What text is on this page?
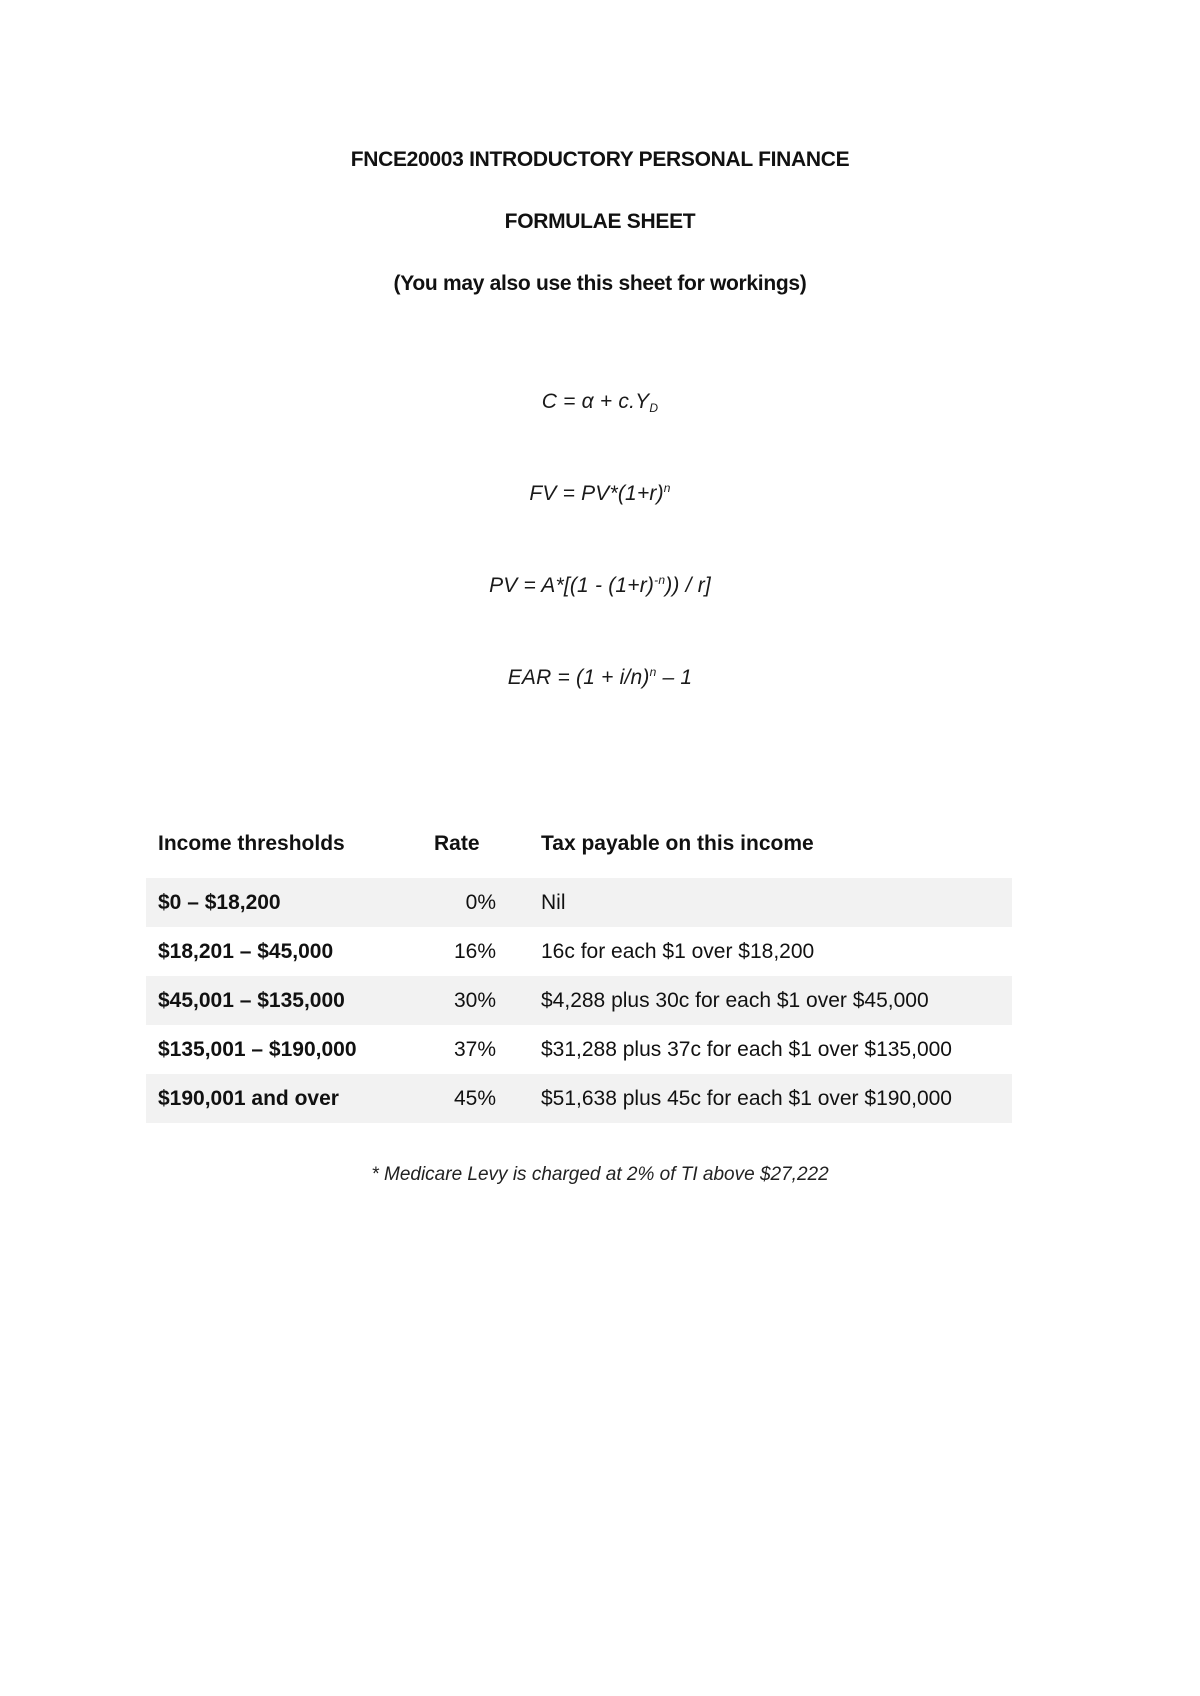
FNCE20003 INTRODUCTORY PERSONAL FINANCE
FORMULAE SHEET
(You may also use this sheet for workings)
$C = \alpha + c.Y_D$
FV = $PV*(1+r)^n$
PV = $A*[(1 - (1+r)^{-n})) / r$]
EAR = $(1 + i/n)^n - 1$
Income thresholds	Rate	Tax payable on this income
$0 – $18,200	0% Nil
$18,201 – $45,000	16% 16c for each $1 over $18,200
$45,001 – $135,000	30% $4,288 plus 30c for each $1 over $45,000
$135,001 – $190,000	37% $31,288 plus 37c for each $1 over $135,000
$190,001 and over	45% $51,638 plus 45c for each $1 over $190,000
* Medicare Levy is charged at 2% of TI above $27,222
